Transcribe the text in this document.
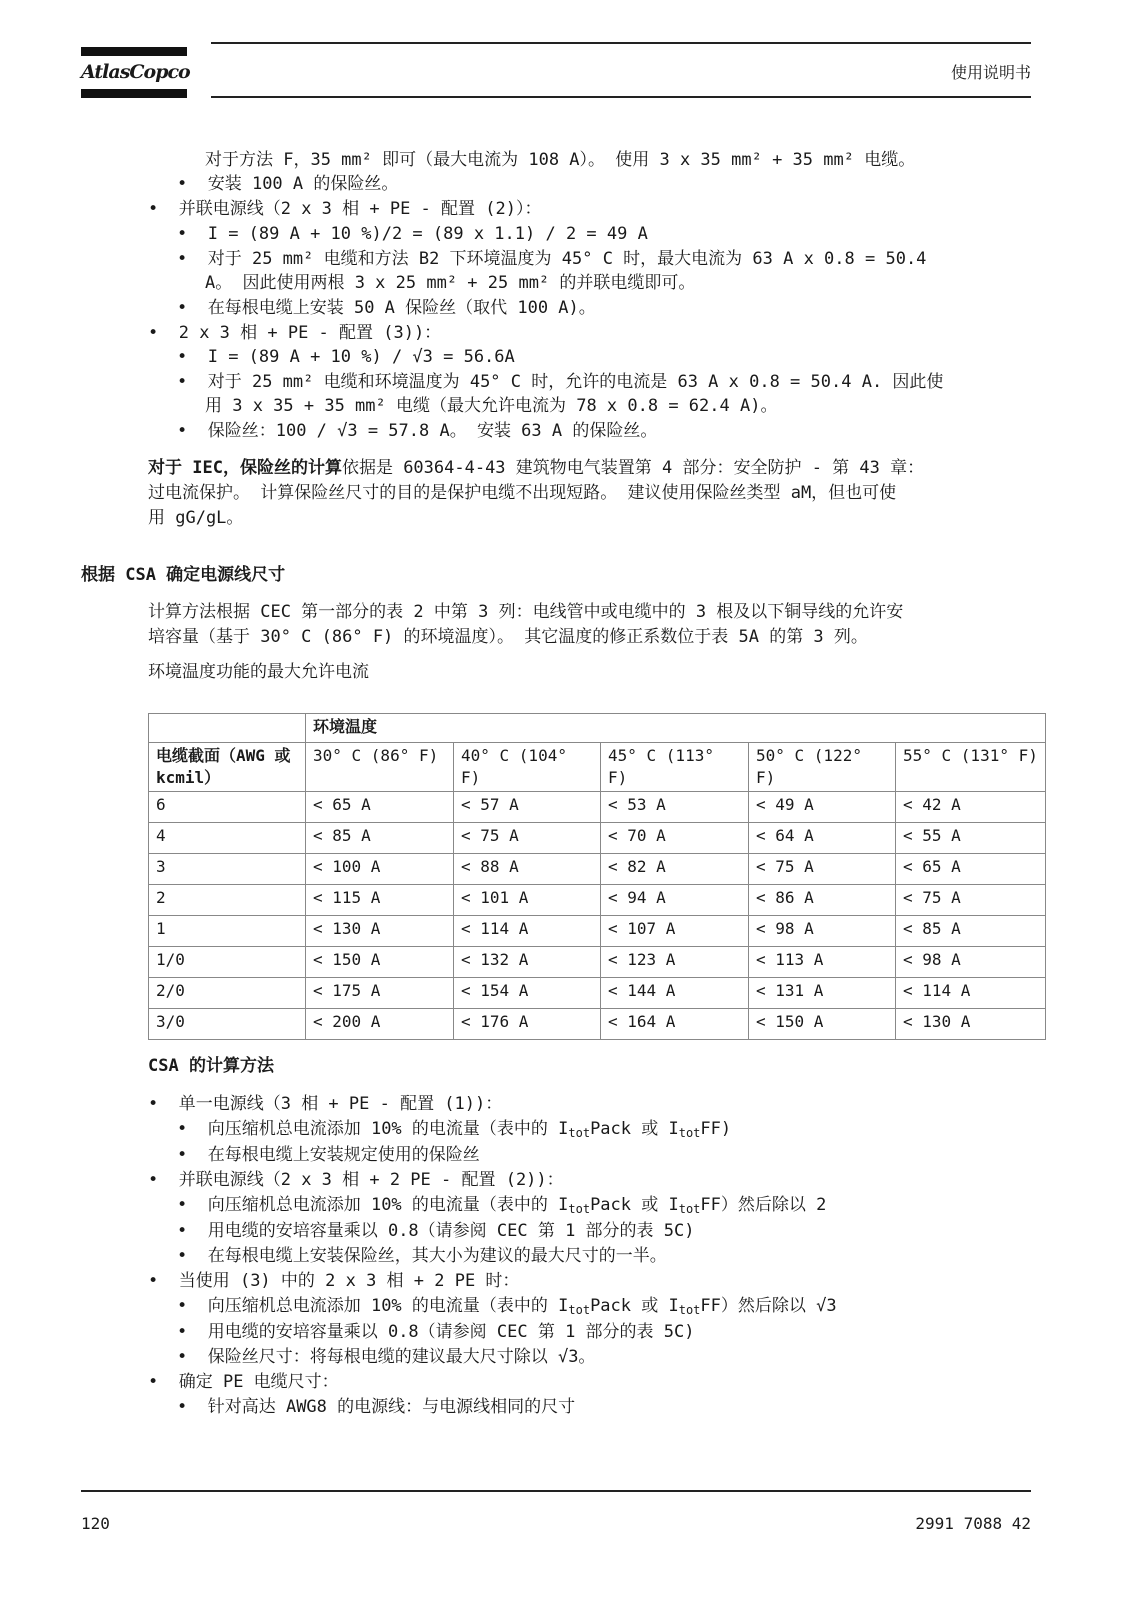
AtlasCopco	使用说明书
对于方法 F，35 mm² 即可（最大电流为 108 A）。 使用 3 x 35 mm² + 35 mm² 电缆。
•  安装 100 A 的保险丝。
•  并联电源线（2 x 3 相 + PE - 配置 (2)）：
•  I = (89 A + 10 %)/2 = (89 x 1.1) / 2 = 49 A
•  对于 25 mm² 电缆和方法 B2 下环境温度为 45° C 时，最大电流为 63 A x 0.8 = 50.4
A。 因此使用两根 3 x 25 mm² + 25 mm² 的并联电缆即可。
•  在每根电缆上安装 50 A 保险丝（取代 100 A)。
•  2 x 3 相 + PE - 配置 (3))：
•  I = (89 A + 10 %) / √3 = 56.6A
•  对于 25 mm² 电缆和环境温度为 45° C 时，允许的电流是 63 A x 0.8 = 50.4 A. 因此使
用 3 x 35 + 35 mm² 电缆（最大允许电流为 78 x 0.8 = 62.4 A)。
•  保险丝：100 / √3 = 57.8 A。 安装 63 A 的保险丝。
对于 IEC，保险丝的计算依据是 60364-4-43 建筑物电气装置第 4 部分：安全防护 - 第 43 章：
过电流保护。 计算保险丝尺寸的目的是保护电缆不出现短路。 建议使用保险丝类型 aM，但也可使
用 gG/gL。
根据 CSA 确定电源线尺寸
计算方法根据 CEC 第一部分的表 2 中第 3 列：电线管中或电缆中的 3 根及以下铜导线的允许安
培容量（基于 30° C (86° F) 的环境温度）。 其它温度的修正系数位于表 5A 的第 3 列。
环境温度功能的最大允许电流
	环境温度				
电缆截面（AWG 或 kcmil）	30° C (86° F)	40° C (104° F)	45° C (113° F)	50° C (122° F)	55° C (131° F)
6	< 65 A	< 57 A	< 53 A	< 49 A	< 42 A
4	< 85 A	< 75 A	< 70 A	< 64 A	< 55 A
3	< 100 A	< 88 A	< 82 A	< 75 A	< 65 A
2	< 115 A	< 101 A	< 94 A	< 86 A	< 75 A
1	< 130 A	< 114 A	< 107 A	< 98 A	< 85 A
1/0	< 150 A	< 132 A	< 123 A	< 113 A	< 98 A
2/0	< 175 A	< 154 A	< 144 A	< 131 A	< 114 A
3/0	< 200 A	< 176 A	< 164 A	< 150 A	< 130 A
CSA 的计算方法
•  单一电源线（3 相 + PE - 配置 (1))：
•  向压缩机总电流添加 10% 的电流量（表中的 $I_{tot}Pack$ 或 $I_{tot}FF$)
•  在每根电缆上安装规定使用的保险丝
•  并联电源线（2 x 3 相 + 2 PE - 配置 (2))：
•  向压缩机总电流添加 10% 的电流量（表中的 $I_{tot}Pack$ 或 $I_{tot}FF$）然后除以 2
•  用电缆的安培容量乘以 0.8（请参阅 CEC 第 1 部分的表 5C)
•  在每根电缆上安装保险丝，其大小为建议的最大尺寸的一半。
•  当使用 (3) 中的 2 x 3 相 + 2 PE 时：
•  向压缩机总电流添加 10% 的电流量（表中的 $I_{tot}Pack$ 或 $I_{tot}FF$）然后除以 √3
•  用电缆的安培容量乘以 0.8（请参阅 CEC 第 1 部分的表 5C)
•  保险丝尺寸：将每根电缆的建议最大尺寸除以 √3。
•  确定 PE 电缆尺寸：
•  针对高达 AWG8 的电源线：与电源线相同的尺寸
120	2991 7088 42
